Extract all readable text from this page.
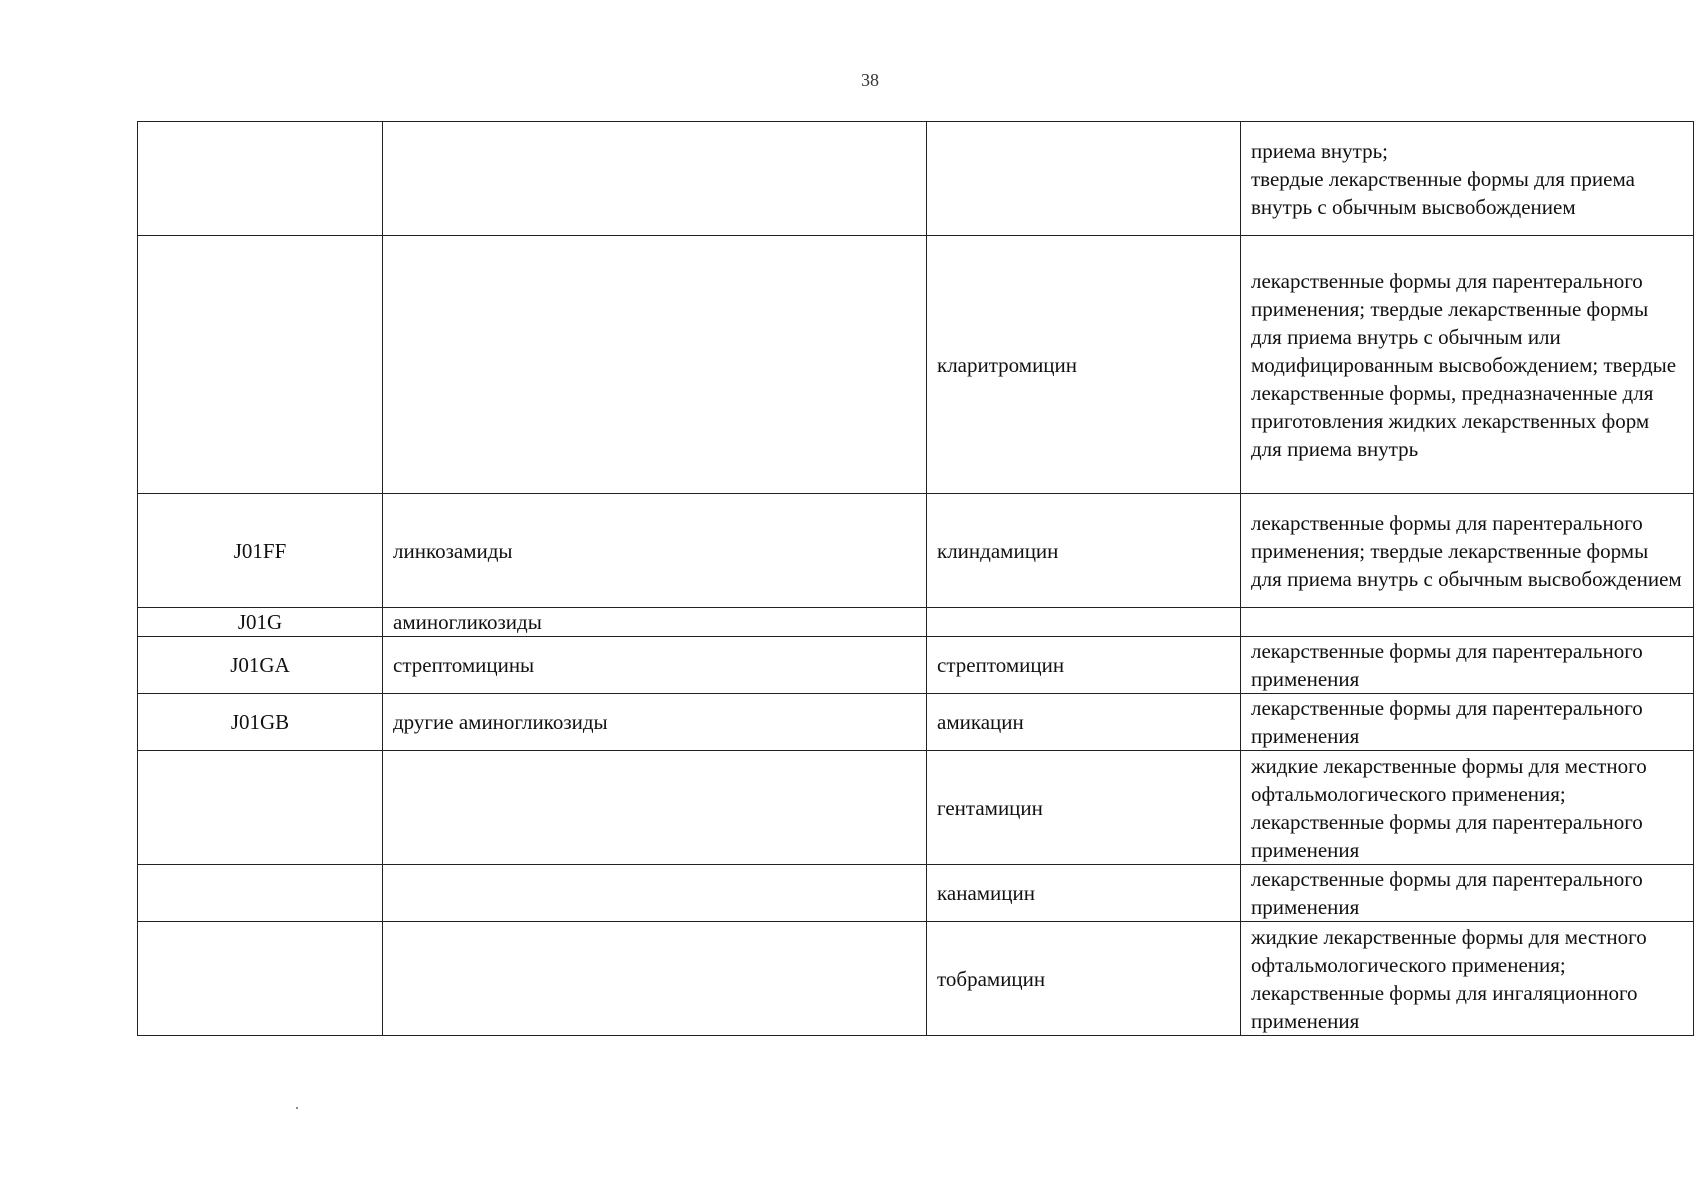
38
			приема внутрь;
твердые лекарственные формы для приема внутрь с обычным высвобождением
		кларитромицин	лекарственные формы для парентерального применения; твердые лекарственные формы для приема внутрь с обычным или модифицированным высвобождением; твердые лекарственные формы, предназначенные для приготовления жидких лекарственных форм для приема внутрь
J01FF	линкозамиды	клиндамицин	лекарственные формы для парентерального применения; твердые лекарственные формы для приема внутрь с обычным высвобождением
J01G	аминогликозиды		
J01GA	стрептомицины	стрептомицин	лекарственные формы для парентерального применения
J01GB	другие аминогликозиды	амикацин	лекарственные формы для парентерального применения
		гентамицин	жидкие лекарственные формы для местного офтальмологического применения; лекарственные формы для парентерального применения
		канамицин	лекарственные формы для парентерального применения
		тобрамицин	жидкие лекарственные формы для местного офтальмологического применения; лекарственные формы для ингаляционного применения
